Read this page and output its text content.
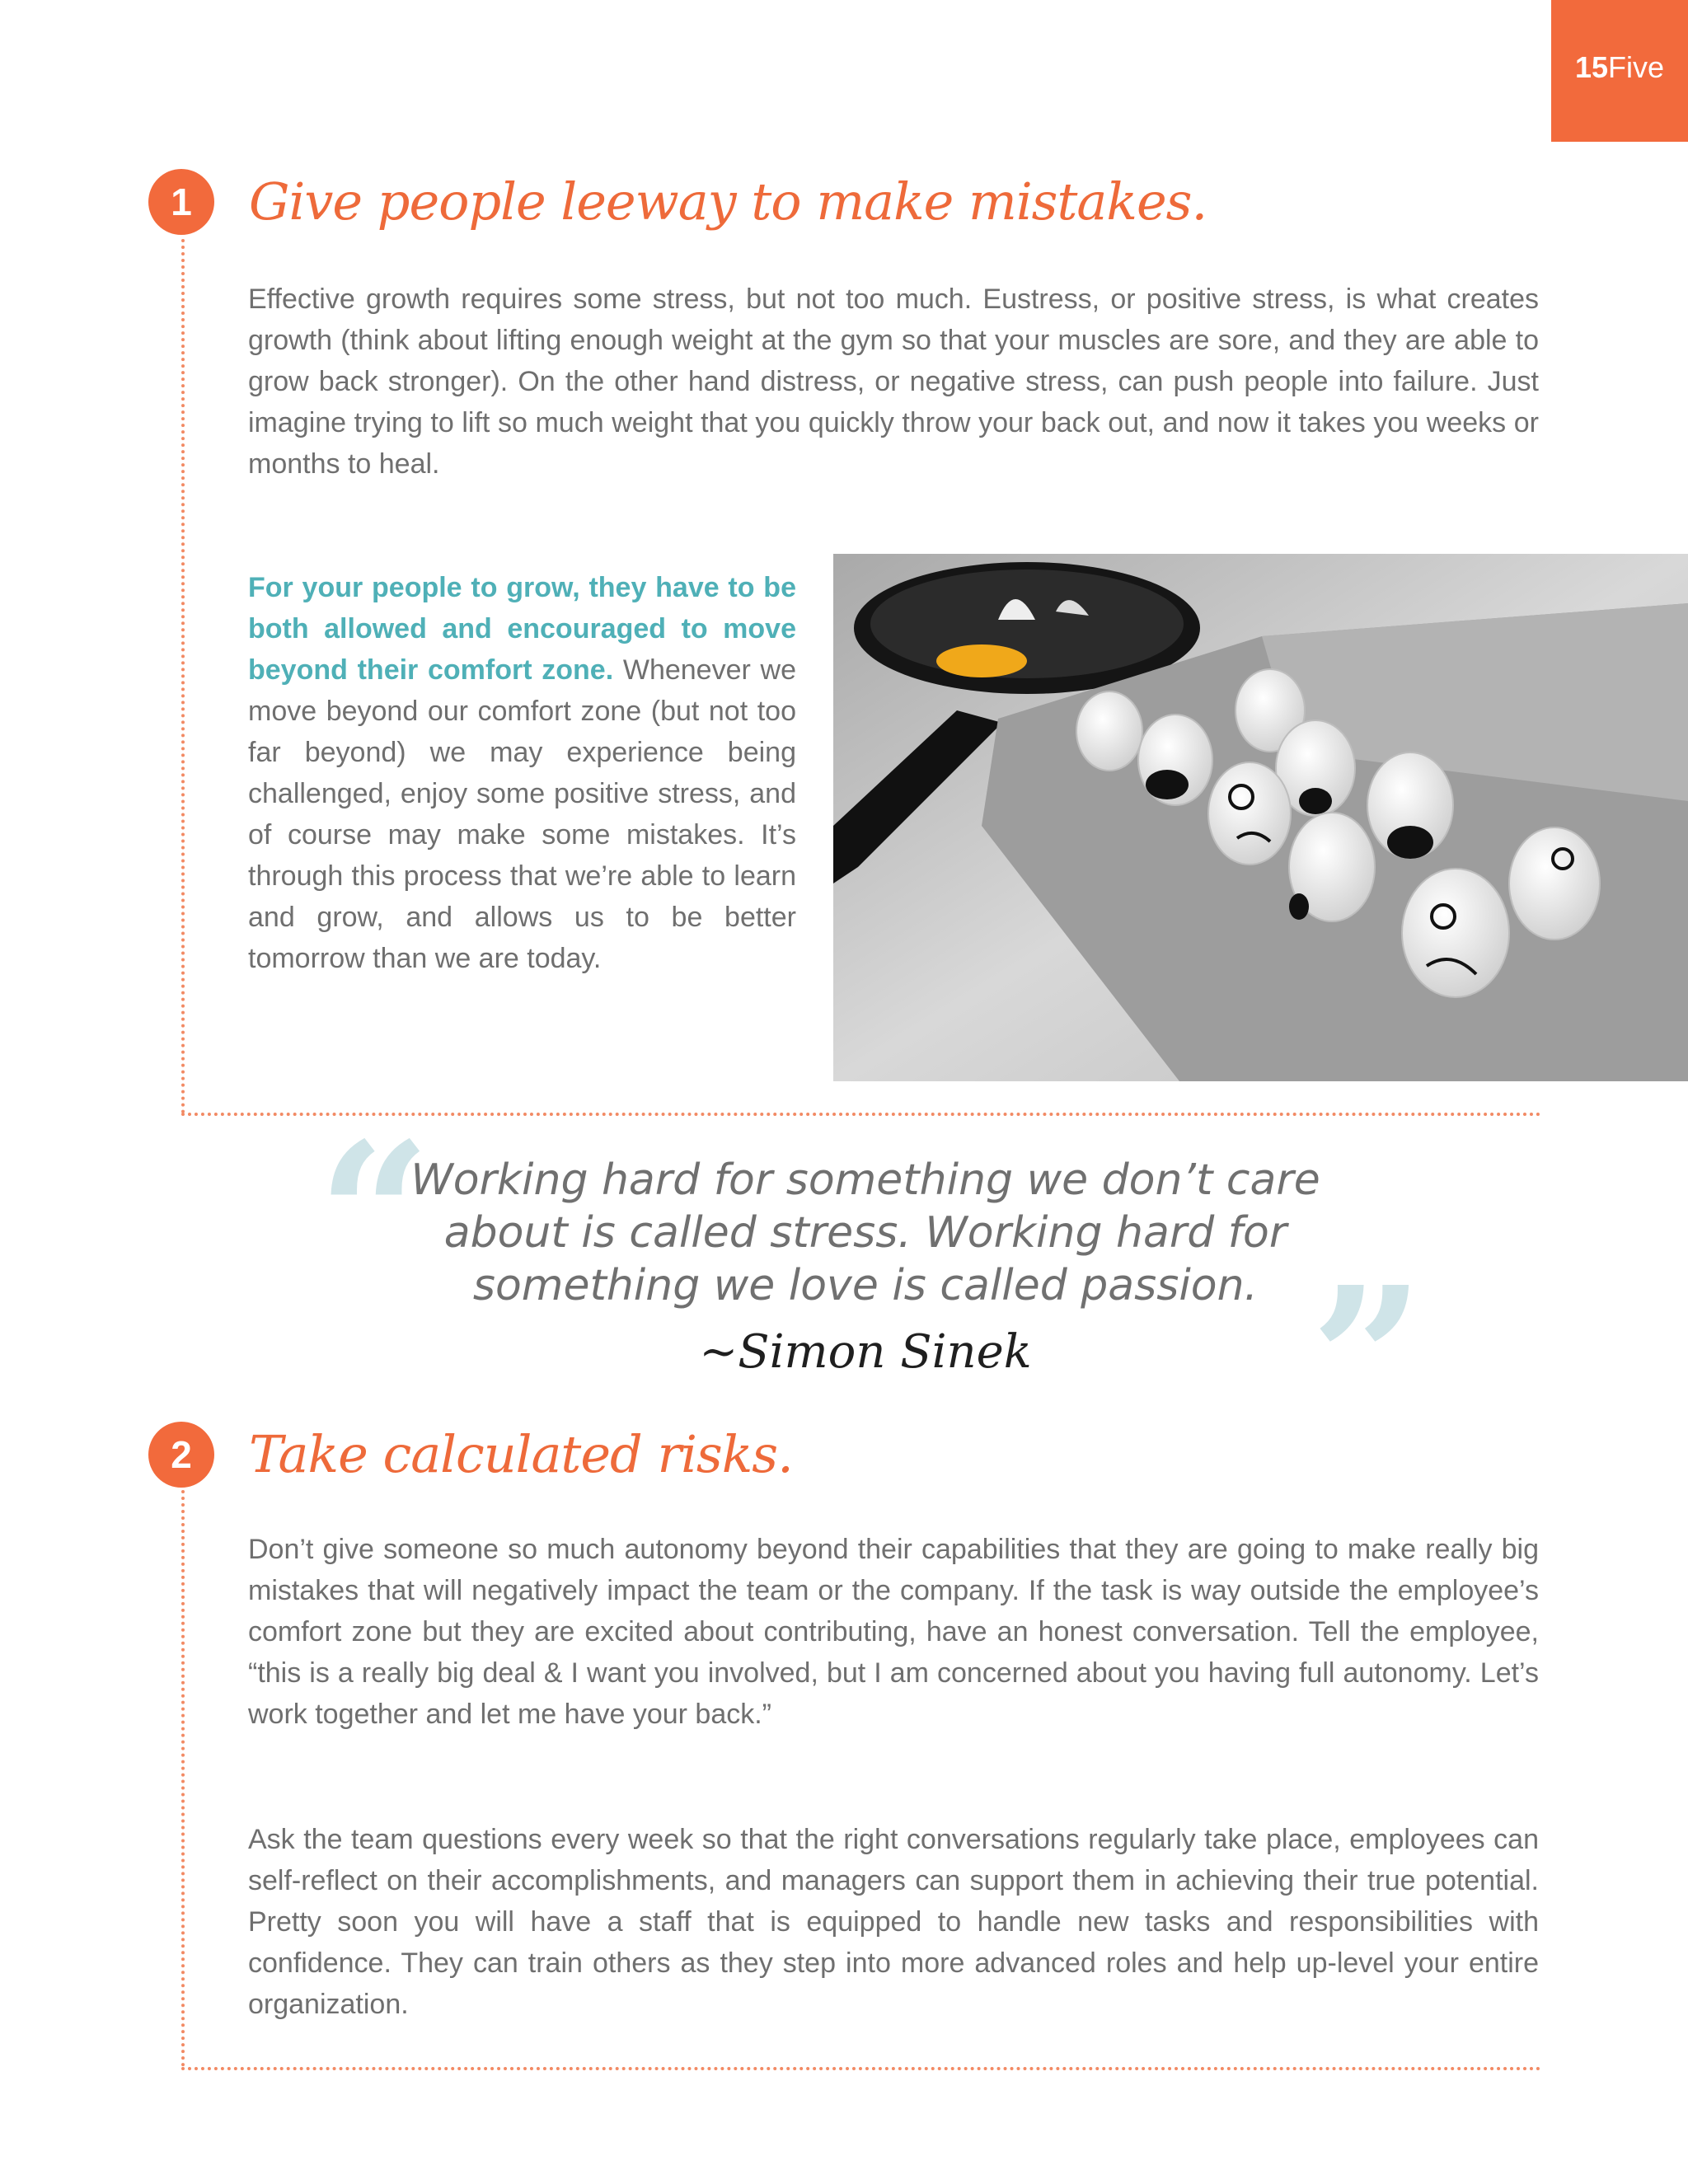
15 Five
1	Give people leeway to make mistakes.

Effective growth requires some stress, but not too much. Eustress, or positive stress, is what creates growth (think about lifting enough weight at the gym so that your muscles are sore, and they are able to grow back stronger). On the other hand distress, or negative stress, can push people into failure. Just imagine trying to lift so much weight that you quickly throw your back out, and now it takes you weeks or months to heal.

For your people to grow, they have to be both allowed and encouraged to move beyond their comfort zone. Whenever we move beyond our comfort zone (but not too far beyond) we may experience being challenged, enjoy some positive stress, and of course may make some mistakes. It’s through this process that we’re able to learn and grow, and allows us to be better tomorrow than we are today.

“

Working hard for something we don’t care about is called stress. Working hard for something we love is called passion.

~Simon Sinek	”
2	Take calculated risks.

Don’t give someone so much autonomy beyond their capabilities that they are going to make really big mistakes that will negatively impact the team or the company. If the task is way outside the employee’s comfort zone but they are excited about contributing, have an honest conversation. Tell the employee, “this is a really big deal & I want you involved, but I am concerned about you having full autonomy. Let’s work together and let me have your back.”

Ask the team questions every week so that the right conversations regularly take place, employees can self-reflect on their accomplishments, and managers can support them in achieving their true potential. Pretty soon you will have a staff that is equipped to handle new tasks and responsibilities with confidence. They can train others as they step into more advanced roles and help up-level your entire organization.
